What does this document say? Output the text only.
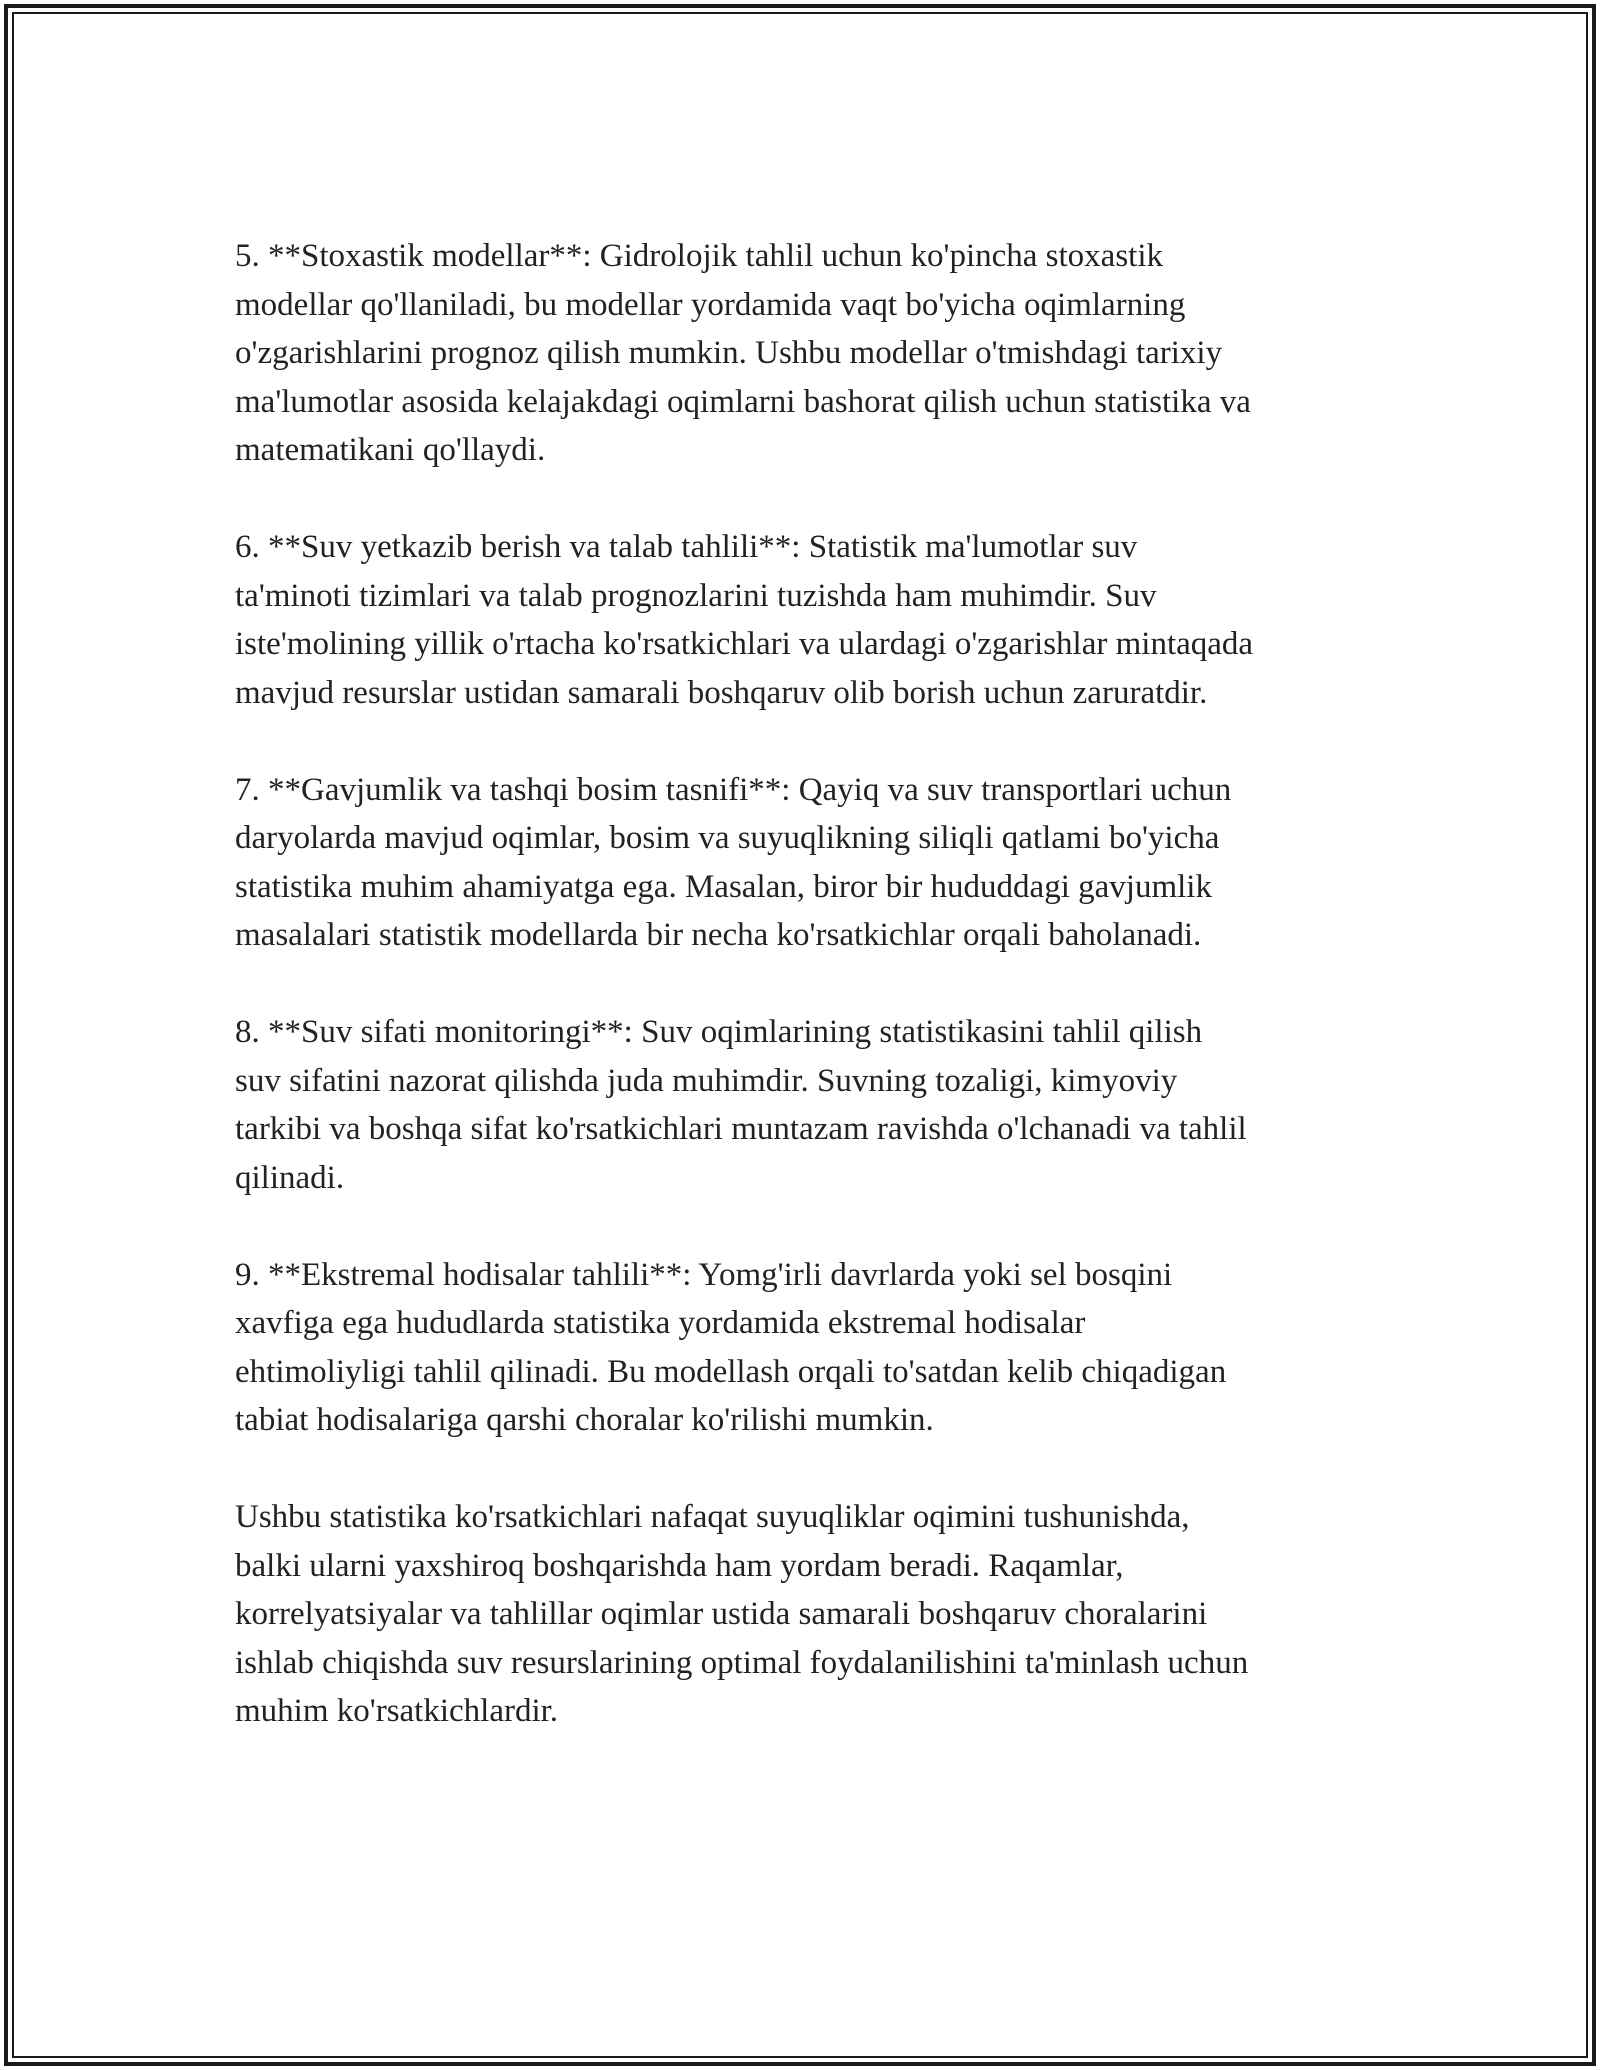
5. **Stoxastik modellar**: Gidrolojik tahlil uchun ko'pincha stoxastik
modellar qo'llaniladi, bu modellar yordamida vaqt bo'yicha oqimlarning
o'zgarishlarini prognoz qilish mumkin. Ushbu modellar o'tmishdagi tarixiy
ma'lumotlar asosida kelajakdagi oqimlarni bashorat qilish uchun statistika va
matematikani qo'llaydi.

6. **Suv yetkazib berish va talab tahlili**: Statistik ma'lumotlar suv
ta'minoti tizimlari va talab prognozlarini tuzishda ham muhimdir. Suv
iste'molining yillik o'rtacha ko'rsatkichlari va ulardagi o'zgarishlar mintaqada
mavjud resurslar ustidan samarali boshqaruv olib borish uchun zaruratdir.

7. **Gavjumlik va tashqi bosim tasnifi**: Qayiq va suv transportlari uchun
daryolarda mavjud oqimlar, bosim va suyuqlikning siliqli qatlami bo'yicha
statistika muhim ahamiyatga ega. Masalan, biror bir hududdagi gavjumlik
masalalari statistik modellarda bir necha ko'rsatkichlar orqali baholanadi.

8. **Suv sifati monitoringi**: Suv oqimlarining statistikasini tahlil qilish
suv sifatini nazorat qilishda juda muhimdir. Suvning tozaligi, kimyoviy
tarkibi va boshqa sifat ko'rsatkichlari muntazam ravishda o'lchanadi va tahlil
qilinadi.

9. **Ekstremal hodisalar tahlili**: Yomg'irli davrlarda yoki sel bosqini
xavfiga ega hududlarda statistika yordamida ekstremal hodisalar
ehtimoliyligi tahlil qilinadi. Bu modellash orqali to'satdan kelib chiqadigan
tabiat hodisalariga qarshi choralar ko'rilishi mumkin.

Ushbu statistika ko'rsatkichlari nafaqat suyuqliklar oqimini tushunishda,
balki ularni yaxshiroq boshqarishda ham yordam beradi. Raqamlar,
korrelyatsiyalar va tahlillar oqimlar ustida samarali boshqaruv choralarini
ishlab chiqishda suv resurslarining optimal foydalanilishini ta'minlash uchun
muhim ko'rsatkichlardir.
